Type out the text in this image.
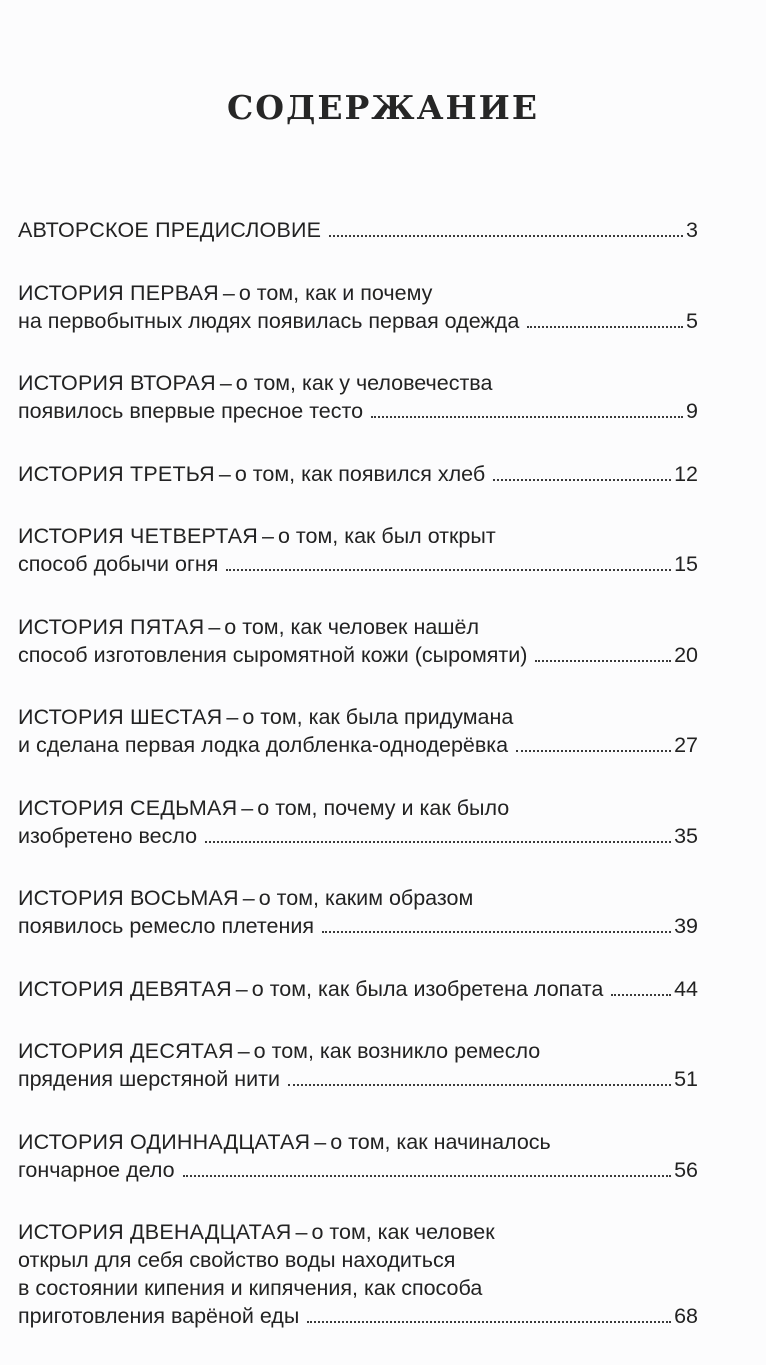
СОДЕРЖАНИЕ
АВТОРСКОЕ ПРЕДИСЛОВИЕ	3
ИСТОРИЯ ПЕРВАЯ – о том, как и почему
на первобытных людях появилась первая одежда	5
ИСТОРИЯ ВТОРАЯ – о том, как у человечества
появилось впервые пресное тесто	9
ИСТОРИЯ ТРЕТЬЯ – о том, как появился хлеб	12
ИСТОРИЯ ЧЕТВЕРТАЯ – о том, как был открыт
способ добычи огня	15
ИСТОРИЯ ПЯТАЯ – о том, как человек нашёл
способ изготовления сыромятной кожи (сыромяти)	20
ИСТОРИЯ ШЕСТАЯ – о том, как была придумана
и сделана первая лодка долбленка-однодерёвка	27
ИСТОРИЯ СЕДЬМАЯ – о том, почему и как было
изобретено весло	35
ИСТОРИЯ ВОСЬМАЯ – о том, каким образом
появилось ремесло плетения	39
ИСТОРИЯ ДЕВЯТАЯ – о том, как была изобретена лопата	44
ИСТОРИЯ ДЕСЯТАЯ – о том, как возникло ремесло
прядения шерстяной нити	51
ИСТОРИЯ ОДИННАДЦАТАЯ – о том, как начиналось
гончарное дело	56
ИСТОРИЯ ДВЕНАДЦАТАЯ – о том, как человек
открыл для себя свойство воды находиться
в состоянии кипения и кипячения, как способа
приготовления варёной еды	68
